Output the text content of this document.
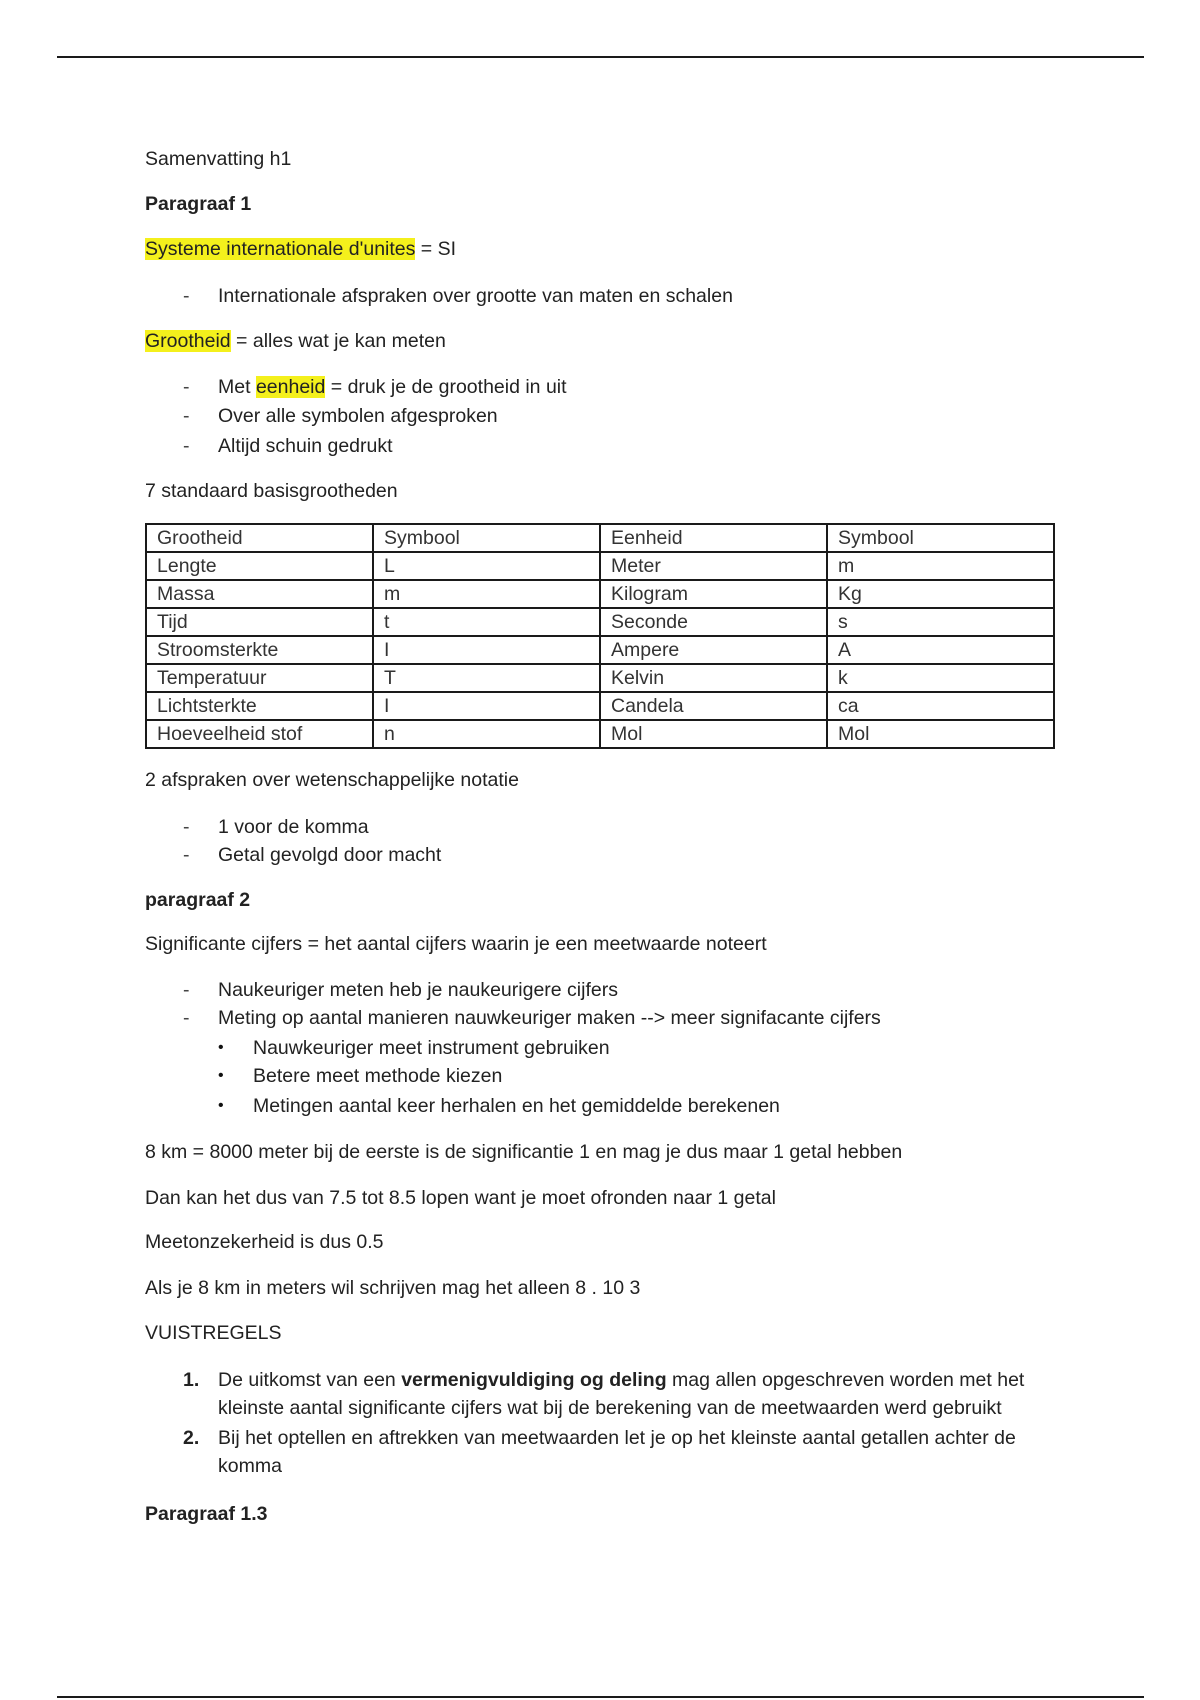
Samenvatting h1
Paragraaf 1
Systeme internationale d'unites = SI
-	Internationale afspraken over grootte van maten en schalen
Grootheid = alles wat je kan meten
-	Met eenheid = druk je de grootheid in uit
-	Over alle symbolen afgesproken
-	Altijd schuin gedrukt
7 standaard basisgrootheden
Grootheid	Symbool	Eenheid	Symbool
Lengte	L	Meter	m
Massa	m	Kilogram	Kg
Tijd	t	Seconde	s
Stroomsterkte	I	Ampere	A
Temperatuur	T	Kelvin	k
Lichtsterkte	I	Candela	ca
Hoeveelheid stof	n	Mol	Mol
2 afspraken over wetenschappelijke notatie
-	1 voor de komma
-	Getal gevolgd door macht
paragraaf 2
Significante cijfers = het aantal cijfers waarin je een meetwaarde noteert
-	Naukeuriger meten heb je naukeurigere cijfers
-	Meting op aantal manieren nauwkeuriger maken --> meer signifacante cijfers
•	Nauwkeuriger meet instrument gebruiken
•	Betere meet methode kiezen
•	Metingen aantal keer herhalen en het gemiddelde berekenen
8 km = 8000 meter bij de eerste is de significantie 1 en mag je dus maar 1 getal hebben
Dan kan het dus van 7.5 tot 8.5 lopen want je moet ofronden naar 1 getal
Meetonzekerheid is dus 0.5
Als je 8 km in meters wil schrijven mag het alleen 8 . 10 3
VUISTREGELS
1. De uitkomst van een vermenigvuldiging og deling mag allen opgeschreven worden met het kleinste aantal significante cijfers wat bij de berekening van de meetwaarden werd gebruikt
2. Bij het optellen en aftrekken van meetwaarden let je op het kleinste aantal getallen achter de komma
Paragraaf 1.3
